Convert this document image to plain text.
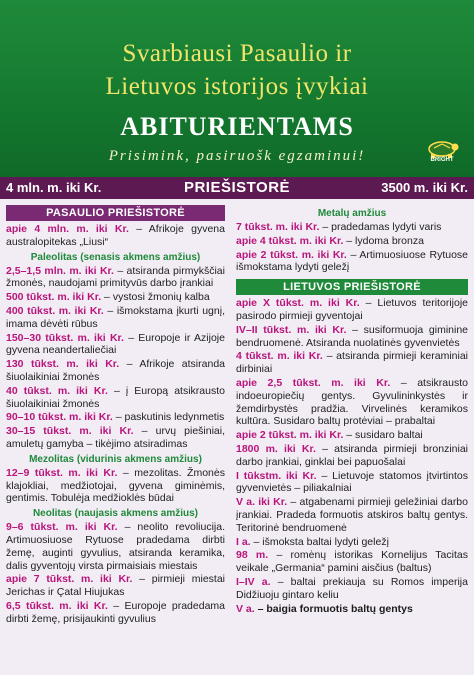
Svarbiausi Pasaulio ir
Lietuvos istorijos įvykiai
ABITURIENTAMS
Prisimink, pasiruošk egzaminui!	BRIGHT
4 mln. m. iki Kr.	PRIEŠISTORĖ	3500 m. iki Kr.
PASAULIO PRIEŠISTORĖ
apie 4 mln. m. iki Kr. – Afrikoje gyvena australopitekas „Liusi“
Paleolitas (senasis akmens amžius)
2,5–1,5 mln. m. iki Kr. – atsiranda pirmykščiai žmonės, naudojami primityvūs darbo įrankiai
500 tūkst. m. iki Kr. – vystosi žmonių kalba
400 tūkst. m. iki Kr. – išmokstama įkurti ugnį, imama dėvėti rūbus
150–30 tūkst. m. iki Kr. – Europoje ir Azijoje gyvena neandertaliečiai
130 tūkst. m. iki Kr. – Afrikoje atsiranda šiuolaikiniai žmonės
40 tūkst. m. iki Kr. – į Europą atsikrausto šiuolaikiniai žmonės
90–10 tūkst. m. iki Kr. – paskutinis ledynmetis
30–15 tūkst. m. iki Kr. – urvų piešiniai, amuletų gamyba – tikėjimo atsiradimas
Mezolitas (vidurinis akmens amžius)
12–9 tūkst. m. iki Kr. – mezolitas. Žmonės klajokliai, medžiotojai, gyvena giminėmis, gentimis. Tobulėja medžioklės būdai
Neolitas (naujasis akmens amžius)
9–6 tūkst. m. iki Kr. – neolito revoliucija. Artimuosiuose Rytuose pradedama dirbti žemę, auginti gyvulius, atsiranda keramika, dalis gyventojų virsta pirmaisiais miestais
apie 7 tūkst. m. iki Kr. – pirmieji miestai Jerichas ir Çatal Hiujukas
6,5 tūkst. m. iki Kr. – Europoje pradedama dirbti žemę, prisijaukinti gyvulius
Metalų amžius
7 tūkst. m. iki Kr. – pradedamas lydyti varis
apie 4 tūkst. m. iki Kr. – lydoma bronza
apie 2 tūkst. m. iki Kr. – Artimuosiuose Rytuose išmokstama lydyti geležį
LIETUVOS PRIEŠISTORĖ
apie X tūkst. m. iki Kr. – Lietuvos teritorijoje pasirodo pirmieji gyventojai
IV–II tūkst. m. iki Kr. – susiformuoja giminine bendruomenė. Atsiranda nuolatinės gyvenvietės
4 tūkst. m. iki Kr. – atsiranda pirmieji keraminiai dirbiniai
apie 2,5 tūkst. m. iki Kr. – atsikrausto indoeuropiečių gentys. Gyvulininkystės ir žemdirbystės pradžia. Virvelinės keramikos kultūra. Susidaro baltų protėviai – prabaltai
apie 2 tūkst. m. iki Kr. – susidaro baltai
1800 m. iki Kr. – atsiranda pirmieji bronziniai darbo įrankiai, ginklai bei papuošalai
I tūkstm. iki Kr. – Lietuvoje statomos įtvirtintos gyvenvietės – piliakalniai
V a. iki Kr. – atgabenami pirmieji geležiniai darbo įrankiai. Pradeda formuotis atskiros baltų gentys. Teritorinė bendruomenė
I a. – išmoksta baltai lydyti geležį
98 m. – romėnų istorikas Kornelijus Tacitas veikale „Germania“ pamini aisčius (baltus)
I–IV a. – baltai prekiauja su Romos imperija Didžiuoju gintaro keliu
V a. – baigia formuotis baltų gentys
